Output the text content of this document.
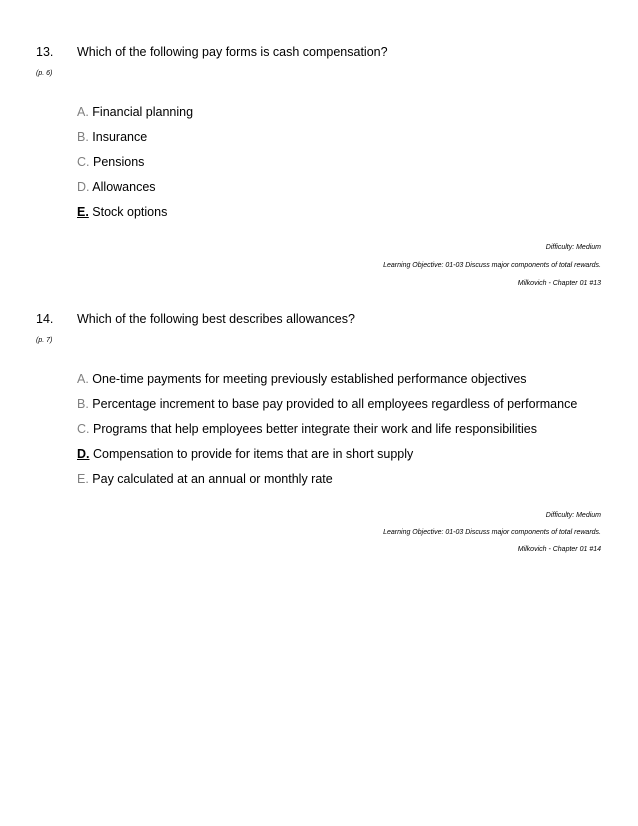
13. Which of the following pay forms is cash compensation?
(p. 6)
A. Financial planning
B. Insurance
C. Pensions
D. Allowances
E. Stock options
Difficulty: Medium
Learning Objective: 01-03 Discuss major components of total rewards.
Milkovich - Chapter 01 #13
14. Which of the following best describes allowances?
(p. 7)
A. One-time payments for meeting previously established performance objectives
B. Percentage increment to base pay provided to all employees regardless of performance
C. Programs that help employees better integrate their work and life responsibilities
D. Compensation to provide for items that are in short supply
E. Pay calculated at an annual or monthly rate
Difficulty: Medium
Learning Objective: 01-03 Discuss major components of total rewards.
Milkovich - Chapter 01 #14
